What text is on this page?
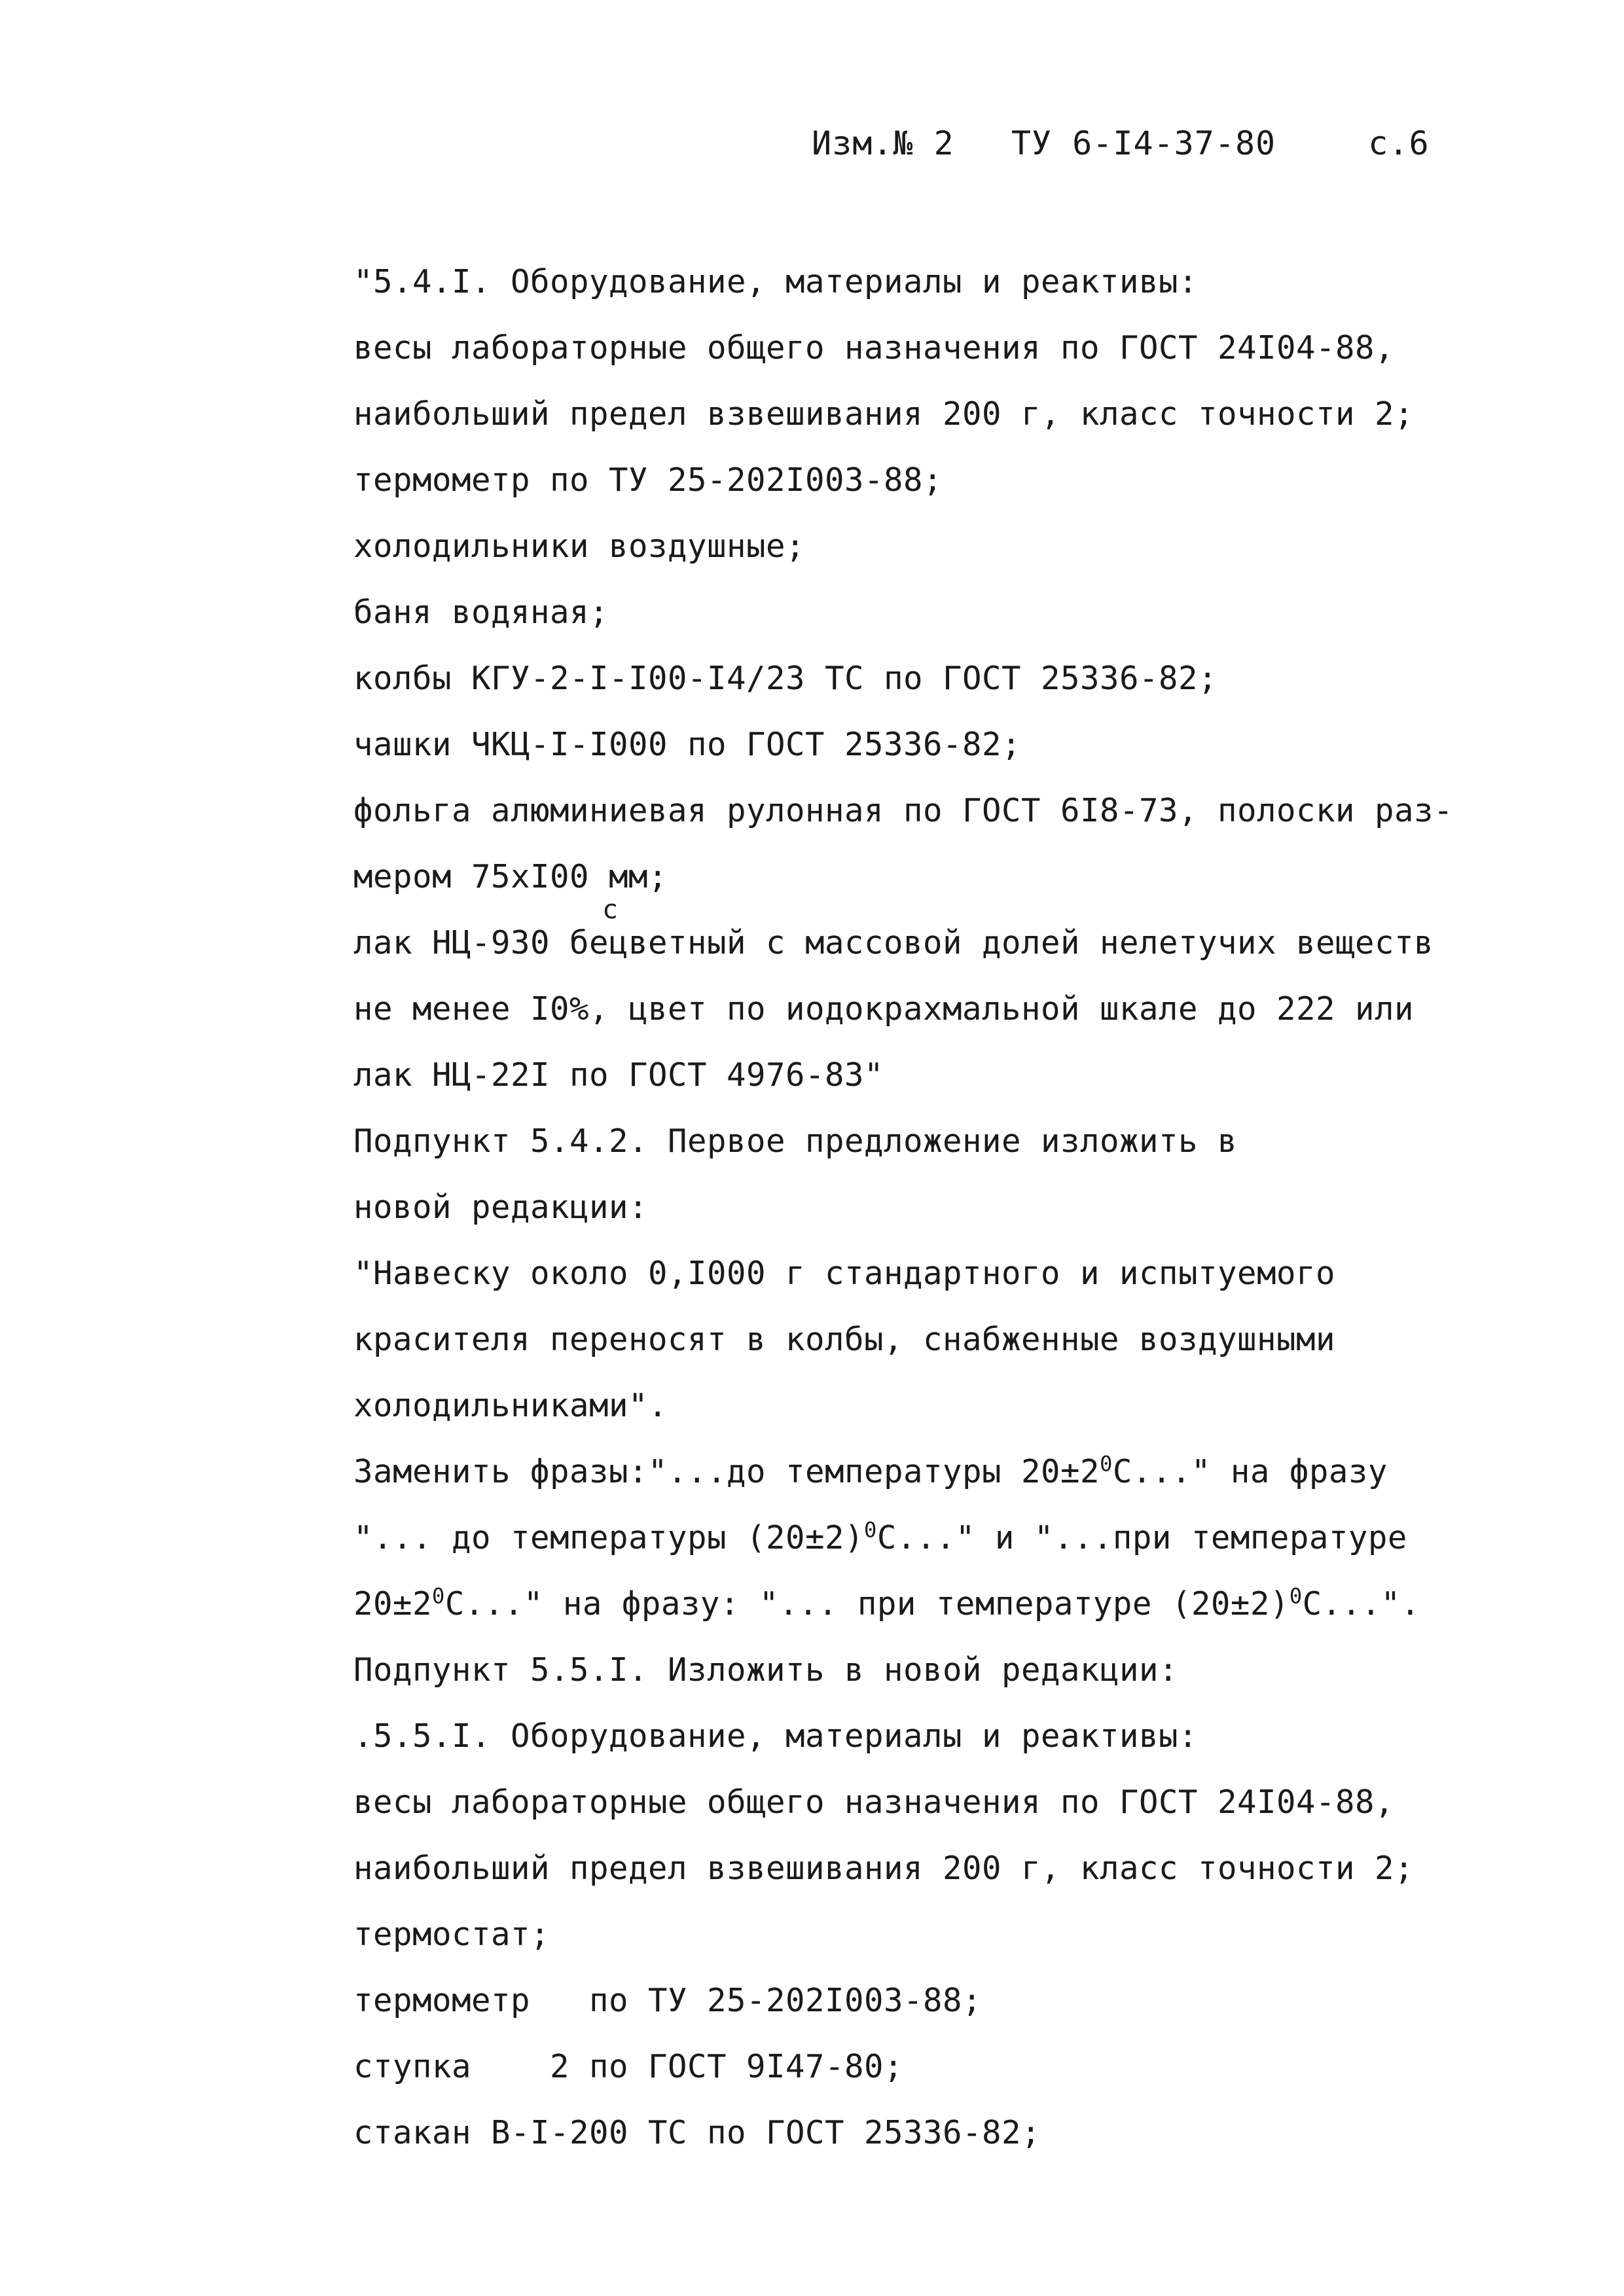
Изм.№ 2 ТУ 6-I4-37-80	с.6
"5.4.I. Оборудование, материалы и реактивы:
весы лабораторные общего назначения по ГОСТ 24I04-88,
наибольший предел взвешивания 200 г, класс точности 2;
термометр по ТУ 25-202I003-88;
холодильники воздушные;
баня водяная;
колбы КГУ-2-I-I00-I4/23 ТС по ГОСТ 25336-82;
чашки ЧКЦ-I-I000 по ГОСТ 25336-82;
фольга алюминиевая рулонная по ГОСТ 6I8-73, полоски раз-
мером 75хI00 мм;
с
лак НЦ-930 бецветный с массовой долей нелетучих веществ
не менее I0%, цвет по иодокрахмальной шкале до 222 или
лак НЦ-22I по ГОСТ 4976-83"
Подпункт 5.4.2. Первое предложение изложить в
новой редакции:
"Навеску около 0,I000 г стандартного и испытуемого
красителя переносят в колбы, снабженные воздушными
холодильниками".
Заменить фразы:"...до температуры $20\pm 2^0С$..." на фразу
"... до температуры $(20\pm 2)^0С$..." и "...при температуре
$20\pm 2^0С$..." на фразу: "... при температуре $(20\pm 2)^0С$...".
Подпункт 5.5.I. Изложить в новой редакции:
.5.5.I. Оборудование, материалы и реактивы:
весы лабораторные общего назначения по ГОСТ 24I04-88,
наибольший предел взвешивания 200 г, класс точности 2;
термостат;
термометр   по ТУ 25-202I003-88;
ступка    2 по ГОСТ 9I47-80;
стакан В-I-200 ТС по ГОСТ 25336-82;
